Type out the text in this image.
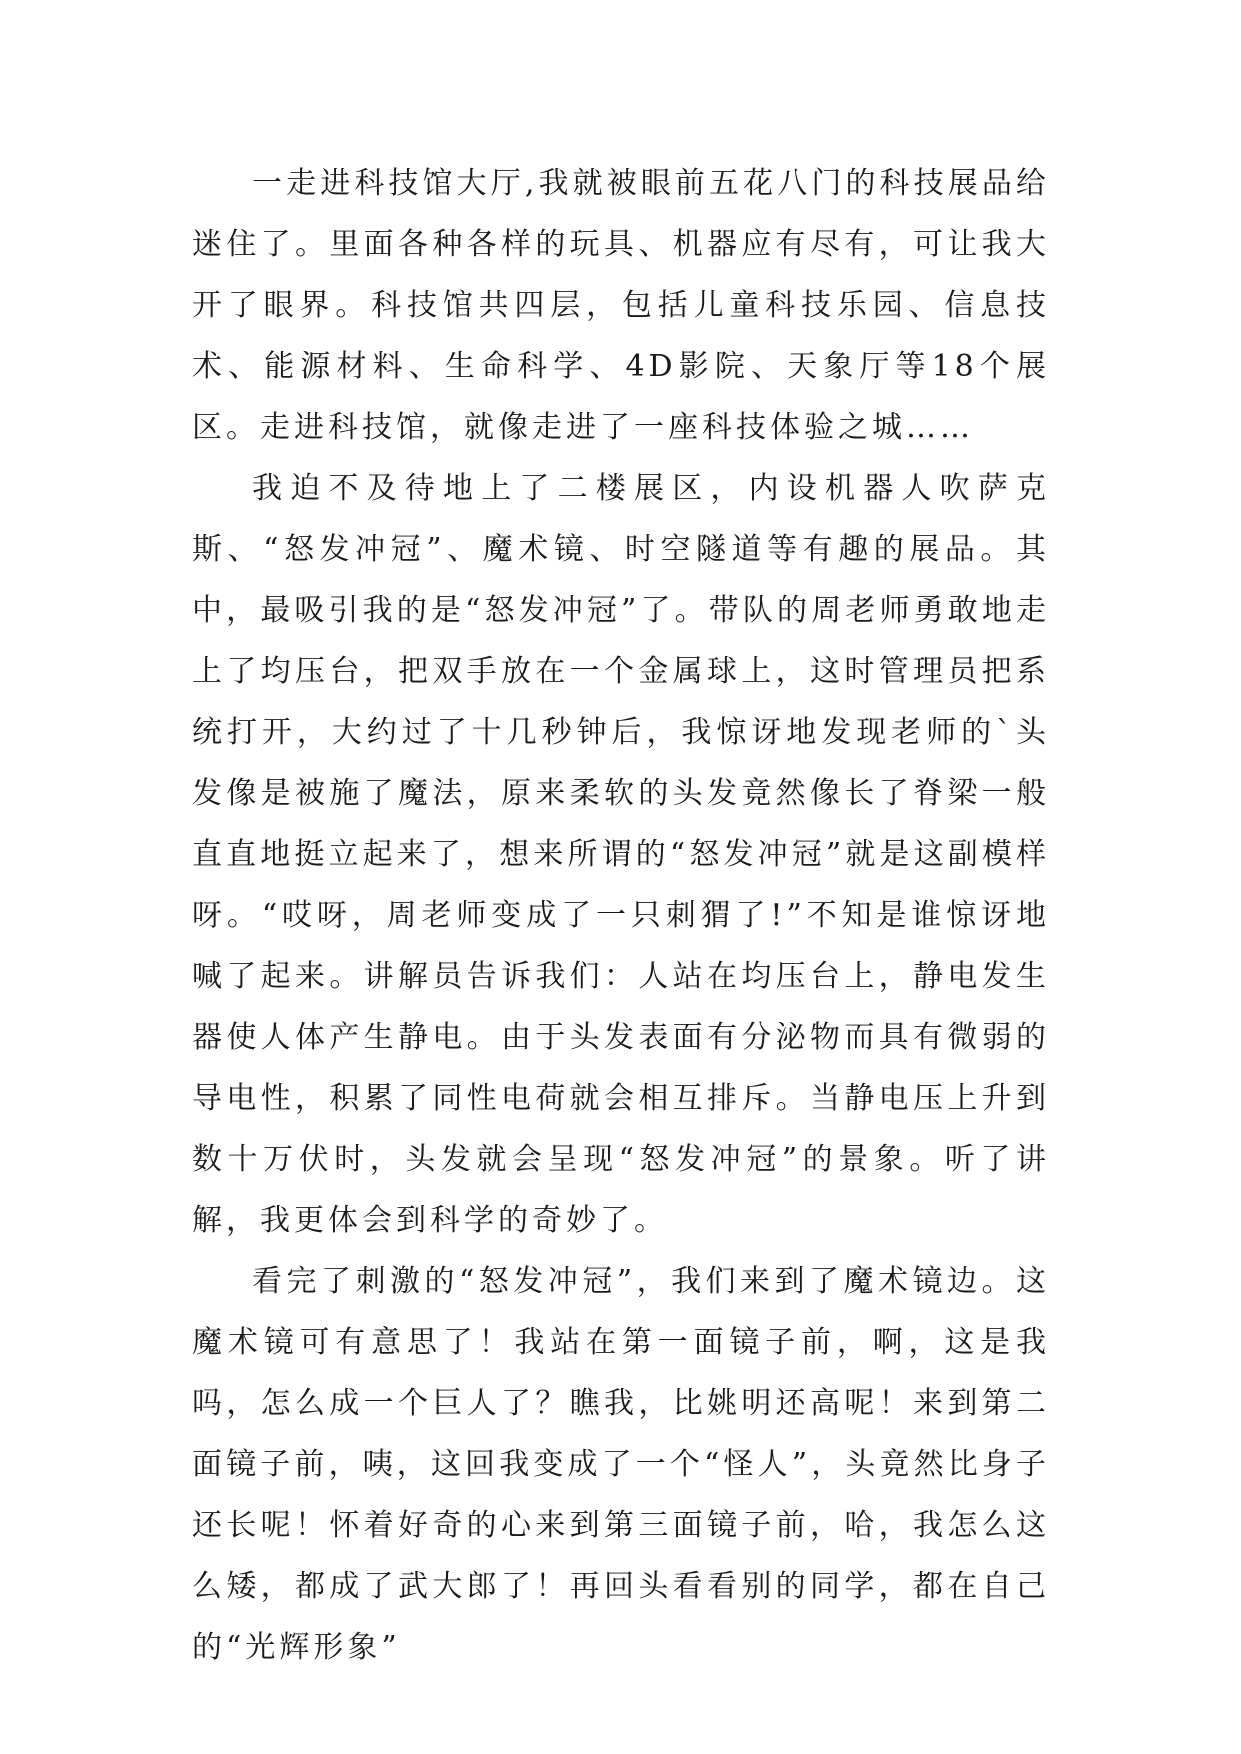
一走进科技馆大厅,我就被眼前五花八门的科技展品给迷住了。里面各种各样的玩具、机器应有尽有，可让我大开了眼界。科技馆共四层，包括儿童科技乐园、信息技术、能源材料、生命科学、4D影院、天象厅等18个展区。走进科技馆，就像走进了一座科技体验之城……

我迫不及待地上了二楼展区，内设机器人吹萨克斯、“怒发冲冠”、魔术镜、时空隧道等有趣的展品。其中，最吸引我的是“怒发冲冠”了。带队的周老师勇敢地走上了均压台，把双手放在一个金属球上，这时管理员把系统打开，大约过了十几秒钟后，我惊讶地发现老师的`头发像是被施了魔法，原来柔软的头发竟然像长了脊梁一般直直地挺立起来了，想来所谓的“怒发冲冠”就是这副模样呀。“哎呀，周老师变成了一只刺猬了!”不知是谁惊讶地喊了起来。讲解员告诉我们：人站在均压台上，静电发生器使人体产生静电。由于头发表面有分泌物而具有微弱的导电性，积累了同性电荷就会相互排斥。当静电压上升到数十万伏时，头发就会呈现“怒发冲冠”的景象。听了讲解，我更体会到科学的奇妙了。

看完了刺激的“怒发冲冠”，我们来到了魔术镜边。这魔术镜可有意思了！我站在第一面镜子前，啊，这是我吗，怎么成一个巨人了？瞧我，比姚明还高呢！来到第二面镜子前，咦，这回我变成了一个“怪人”，头竟然比身子还长呢！怀着好奇的心来到第三面镜子前，哈，我怎么这么矮，都成了武大郎了！再回头看看别的同学，都在自己的“光辉形象”
